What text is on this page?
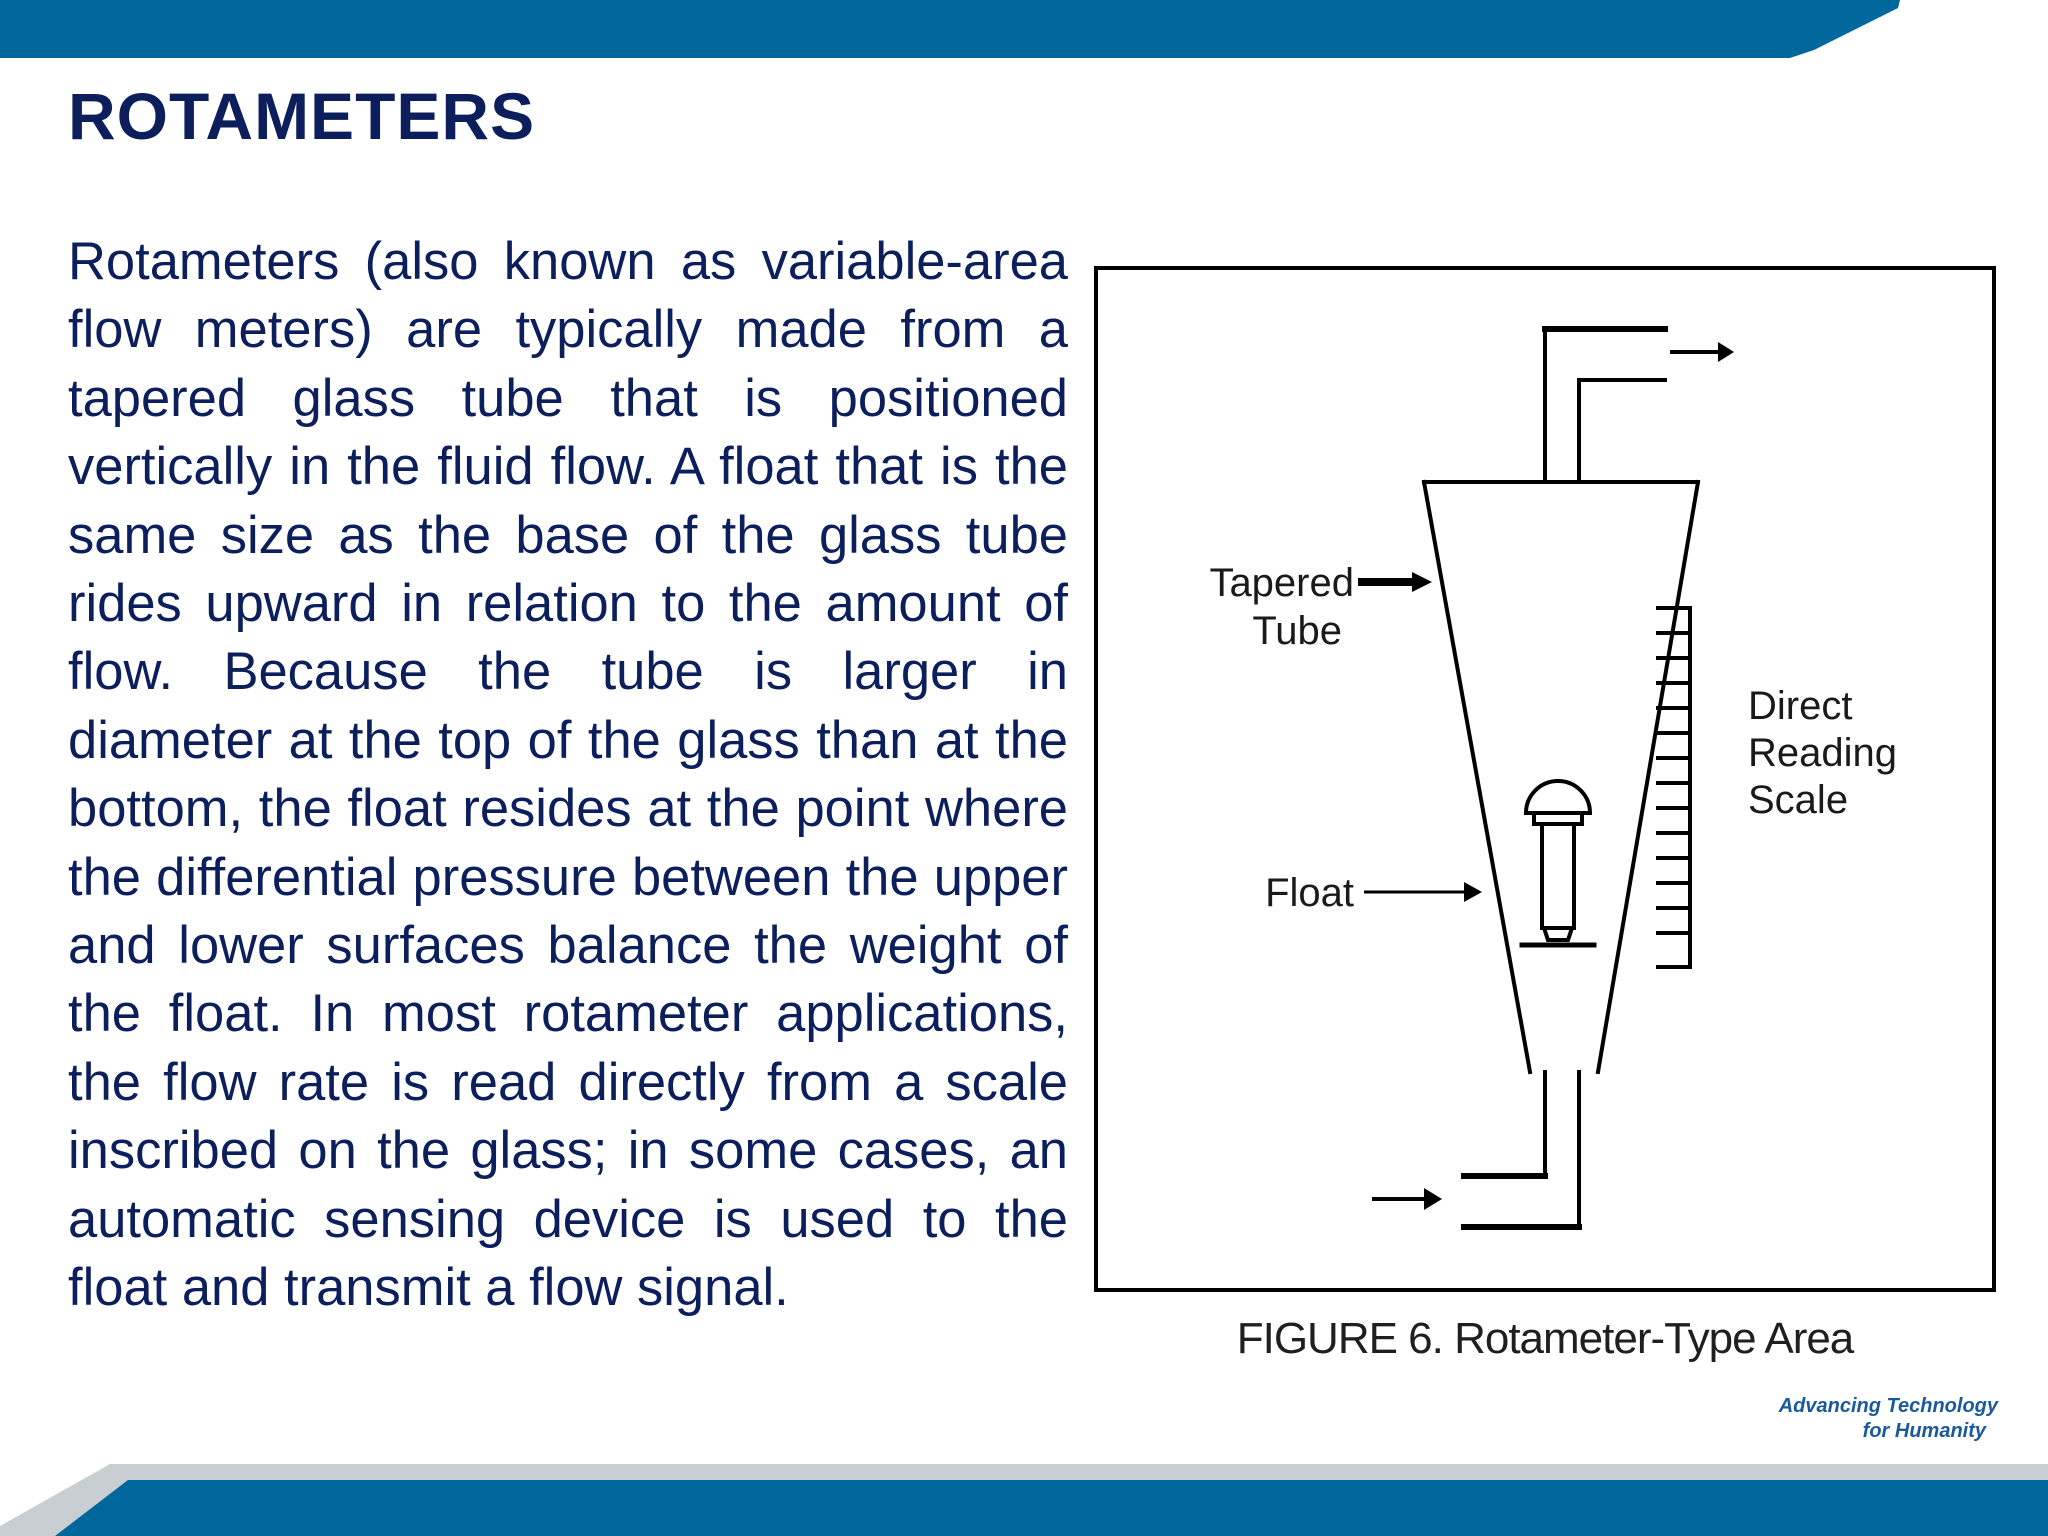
ROTAMETERS

Rotameters (also known as variable-area flow meters) are typically made from a tapered glass tube that is positioned vertically in the fluid flow. A float that is the same size as the base of the glass tube rides upward in relation to the amount of flow. Because the tube is larger in diameter at the top of the glass than at the bottom, the float resides at the point where the differential pressure between the upper and lower surfaces balance the weight of the float. In most rotameter applications, the flow rate is read directly from a scale inscribed on the glass; in some cases, an automatic sensing device is used to the float and transmit a flow signal.

Tapered
Tube
Float
Direct
Reading
Scale

FIGURE 6. Rotameter-Type Area

Advancing Technology
for Humanity
